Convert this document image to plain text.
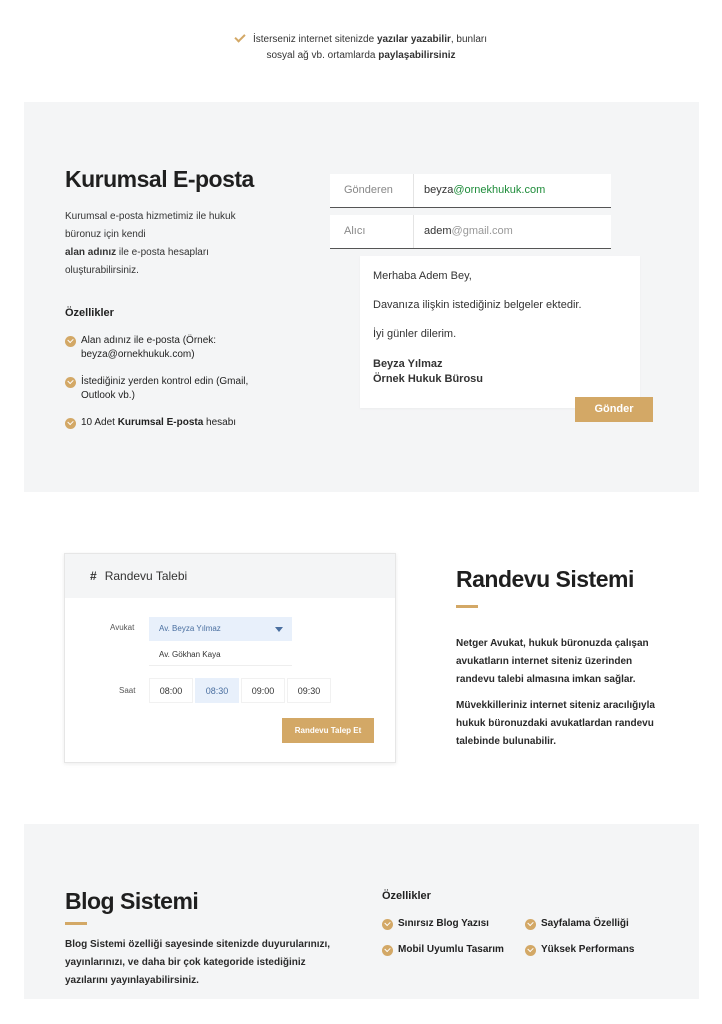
İsterseniz internet sitenizde yazılar yazabilir, bunları
sosyal ağ vb. ortamlarda paylaşabilirsiniz
Kurumsal E-posta
Kurumsal e-posta hizmetimiz ile hukuk
büronuz için kendi
alan adınız ile e-posta hesapları
oluşturabilirsiniz.
Özellikler
Alan adınız ile e-posta (Örnek: beyza@ornekhukuk.com)
İstediğiniz yerden kontrol edin (Gmail, Outlook vb.)
10 Adet Kurumsal E-posta hesabı
Gönderen	beyza@ornekhukuk.com
Alıcı	adem@gmail.com

Merhaba Adem Bey,

Davanıza ilişkin istediğiniz belgeler ektedir.

İyi günler dilerim.

Beyza Yılmaz
Örnek Hukuk Bürosu
Gönder
# Randevu Talebi
Avukat	Av. Beyza Yılmaz
Av. Gökhan Kaya
Saat	08:00	08:30	09:00	09:30
Randevu Talep Et
Randevu Sistemi
Netger Avukat, hukuk büronuzda çalışan
avukatların internet siteniz üzerinden
randevu talebi almasına imkan sağlar.
Müvekkilleriniz internet siteniz aracılığıyla
hukuk büronuzdaki avukatlardan randevu
talebinde bulunabilir.
Blog Sistemi
Blog Sistemi özelliği sayesinde sitenizde duyurularınızı,
yayınlarınızı, ve daha bir çok kategoride istediğiniz
yazılarını yayınlayabilirsiniz.
Özellikler
Sınırsız Blog Yazısı	Sayfalama Özelliği
Mobil Uyumlu Tasarım	Yüksek Performans
